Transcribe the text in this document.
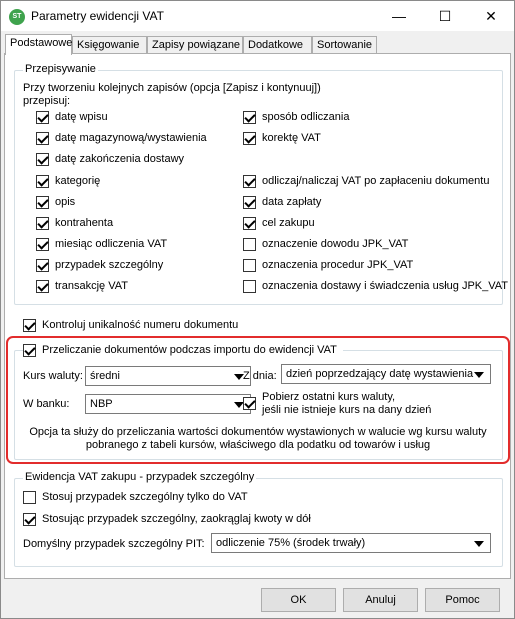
ST Parametry ewidencji VAT	—	☐	✕
Podstawowe Księgowanie	Zapisy powiązane Dodatkowe	Sortowanie
Przepisywanie
Przy tworzeniu kolejnych zapisów (opcja [Zapisz i kontynuuj])
przepisuj:
datę wpisu
datę magazynową/wystawienia
datę zakończenia dostawy
kategorię
opis
kontrahenta
miesiąc odliczenia VAT
przypadek szczególny
transakcję VAT
sposób odliczania
korektę VAT
odliczaj/naliczaj VAT po zapłaceniu dokumentu
data zapłaty
cel zakupu
oznaczenie dowodu JPK_VAT
oznaczenia procedur JPK_VAT
oznaczenia dostawy i świadczenia usług JPK_VAT
Kontroluj unikalność numeru dokumentu
Przeliczanie dokumentów podczas importu do ewidencji VAT
Kurs waluty: średni	Z dnia: dzień poprzedzający datę wystawienia
W banku: NBP
Pobierz ostatni kurs waluty,
jeśli nie istnieje kurs na dany dzień
Opcja ta służy do przeliczania wartości dokumentów wystawionych w walucie wg kursu waluty
pobranego z tabeli kursów, właściwego dla podatku od towarów i usług
Ewidencja VAT zakupu - przypadek szczególny
Stosuj przypadek szczególny tylko do VAT
Stosując przypadek szczególny, zaokrąglaj kwoty w dół
Domyślny przypadek szczególny PIT: odliczenie 75% (środek trwały)
OK	Anuluj	Pomoc
